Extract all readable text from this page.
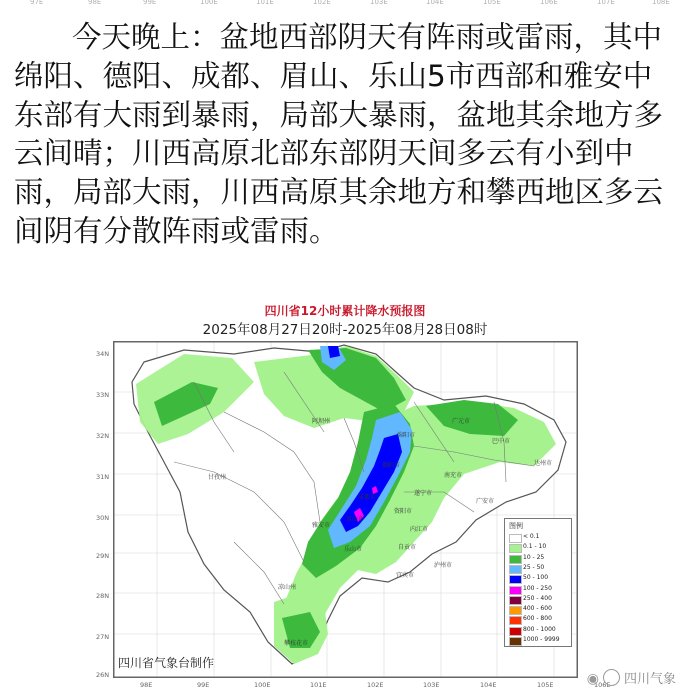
97E	98E	99E	100E	101E	102E	103E	104E	105E	106E	107E	108E

今天晚上：盆地西部阴天有阵雨或雷雨，其中绵阳、德阳、成都、眉山、乐山5市西部和雅安中东部有大雨到暴雨，局部大暴雨，盆地其余地方多云间晴；川西高原北部东部阴天间多云有小到中雨，局部大雨，川西高原其余地方和攀西地区多云间阴有分散阵雨或雷雨。

四川省12小时累计降水预报图
2025年08月27日20时-2025年08月28日08时
34N
33N
32N
31N
30N
29N
28N
27N
26N
阿坝州
甘孜州
绵阳市
广元市
巴中市
达州市
德阳市
南充市
遂宁市
广安市
成都市
资阳市
眉山市
内江市
雅安市
乐山市	自贡市
宜宾市
泸州市
凉山州
攀枝花市
98E	99E	100E	101E	102E	103E	104E	105E	106E
四川省气象台制作
图例
< 0.1
0.1 - 10
10 - 25
25 - 50
50 - 100
100 - 250
250 - 400
400 - 600
600 - 800
800 - 1000
1000 - 9999
◉ 四川气象
